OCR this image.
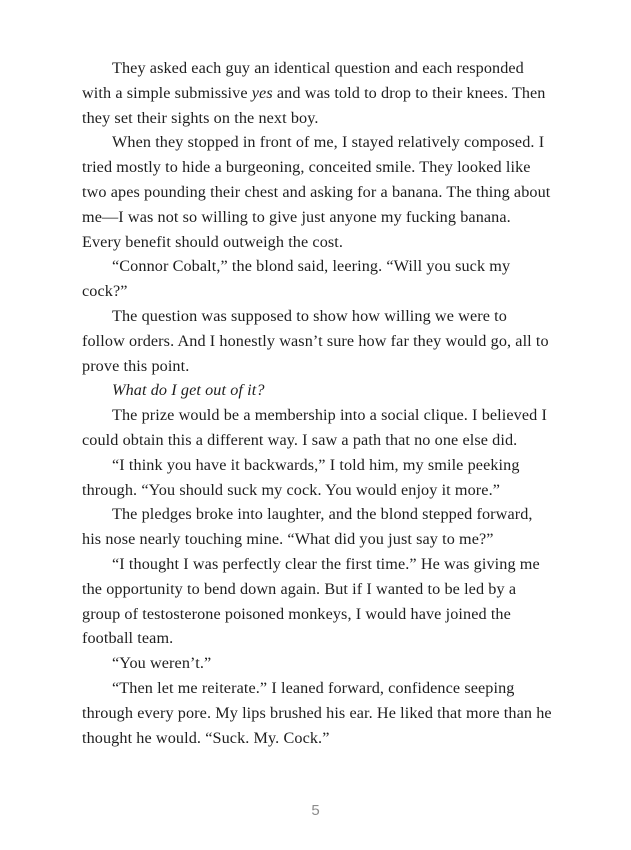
They asked each guy an identical question and each responded with a simple submissive yes and was told to drop to their knees. Then they set their sights on the next boy.

When they stopped in front of me, I stayed relatively composed. I tried mostly to hide a burgeoning, conceited smile. They looked like two apes pounding their chest and asking for a banana. The thing about me—I was not so willing to give just anyone my fucking banana. Every benefit should outweigh the cost.

“Connor Cobalt,” the blond said, leering. “Will you suck my cock?”

The question was supposed to show how willing we were to follow orders. And I honestly wasn’t sure how far they would go, all to prove this point.

What do I get out of it?

The prize would be a membership into a social clique. I believed I could obtain this a different way. I saw a path that no one else did.

“I think you have it backwards,” I told him, my smile peeking through. “You should suck my cock. You would enjoy it more.”

The pledges broke into laughter, and the blond stepped forward, his nose nearly touching mine. “What did you just say to me?”

“I thought I was perfectly clear the first time.” He was giving me the opportunity to bend down again. But if I wanted to be led by a group of testosterone poisoned monkeys, I would have joined the football team.

“You weren’t.”

“Then let me reiterate.” I leaned forward, confidence seeping through every pore. My lips brushed his ear. He liked that more than he thought he would. “Suck. My. Cock.”

5
